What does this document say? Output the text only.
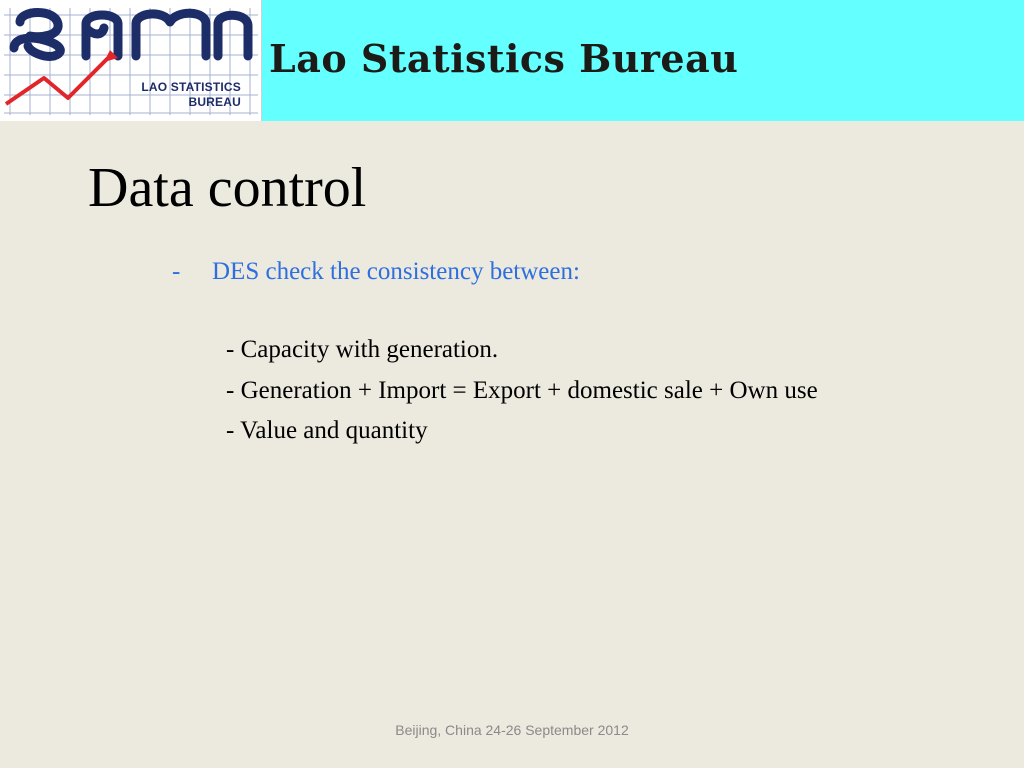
LAO STATISTICS
BUREAU
Lao Statistics Bureau
Data control
- DES check the consistency between:
- Capacity with generation.
- Generation + Import = Export + domestic sale + Own use
- Value and quantity
Beijing, China 24-26 September 2012
